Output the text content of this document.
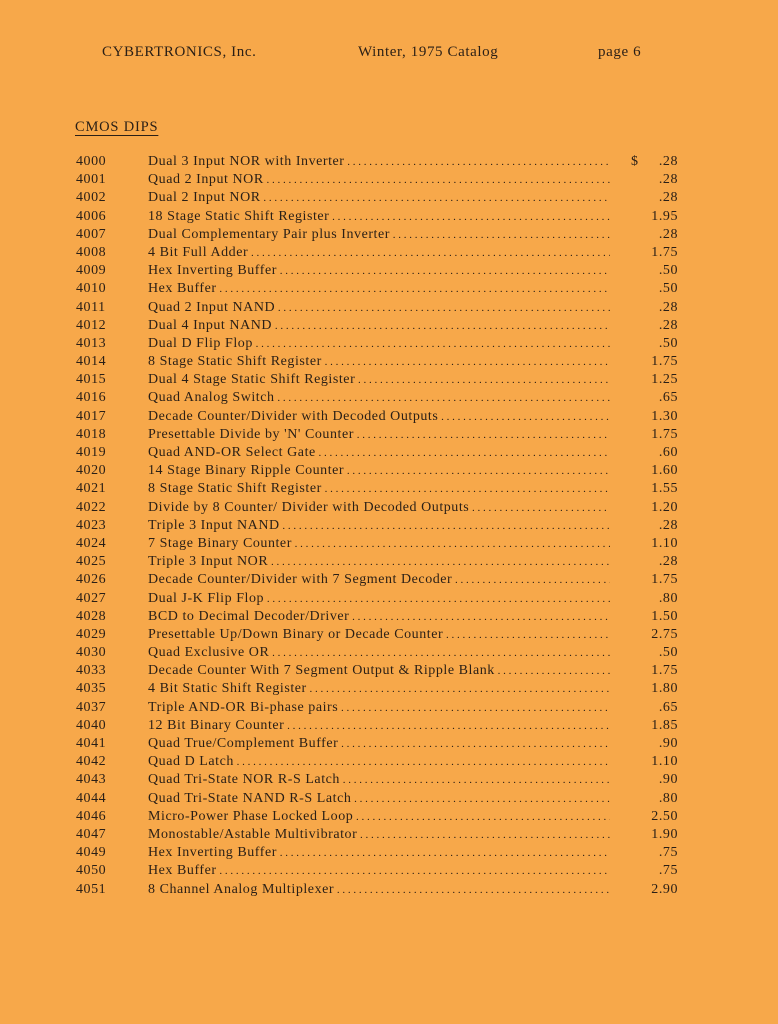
CYBERTRONICS, Inc.	Winter, 1975 Catalog	page 6
CMOS DIPS
4000	Dual 3 Input NOR with Inverter . . .	$	.28
4001	Quad 2 Input NOR . . .	.28
4002	Dual 2 Input NOR . . .	.28
4006	18 Stage Static Shift Register . . .	1.95
4007	Dual Complementary Pair plus Inverter . . .	.28
4008	4 Bit Full Adder . . .	1.75
4009	Hex Inverting Buffer . . .	.50
4010	Hex Buffer . . .	.50
4011	Quad 2 Input NAND . . .	.28
4012	Dual 4 Input NAND . . .	.28
4013	Dual D Flip Flop . . .	.50
4014	8 Stage Static Shift Register . . .	1.75
4015	Dual 4 Stage Static Shift Register . . .	1.25
4016	Quad Analog Switch . . .	.65
4017	Decade Counter/Divider with Decoded Outputs . . .	1.30
4018	Presettable Divide by 'N' Counter . . .	1.75
4019	Quad AND-OR Select Gate . . .	.60
4020	14 Stage Binary Ripple Counter . . .	1.60
4021	8 Stage Static Shift Register . . .	1.55
4022	Divide by 8 Counter/ Divider with Decoded Outputs . . .	1.20
4023	Triple 3 Input NAND . . .	.28
4024	7 Stage Binary Counter . . .	1.10
4025	Triple 3 Input NOR . . .	.28
4026	Decade Counter/Divider with 7 Segment Decoder . . .	1.75
4027	Dual J-K Flip Flop . . .	.80
4028	BCD to Decimal Decoder/Driver . . .	1.50
4029	Presettable Up/Down Binary or Decade Counter . . .	2.75
4030	Quad Exclusive OR . . .	.50
4033	Decade Counter With 7 Segment Output & Ripple Blank . . .	1.75
4035	4 Bit Static Shift Register . . .	1.80
4037	Triple AND-OR Bi-phase pairs . . .	.65
4040	12 Bit Binary Counter . . .	1.85
4041	Quad True/Complement Buffer . . .	.90
4042	Quad D Latch . . .	1.10
4043	Quad Tri-State NOR R-S Latch . . .	.90
4044	Quad Tri-State NAND R-S Latch . . .	.80
4046	Micro-Power Phase Locked Loop . . .	2.50
4047	Monostable/Astable Multivibrator . . .	1.90
4049	Hex Inverting Buffer . . .	.75
4050	Hex Buffer . . .	.75
4051	8 Channel Analog Multiplexer . . .	2.90
